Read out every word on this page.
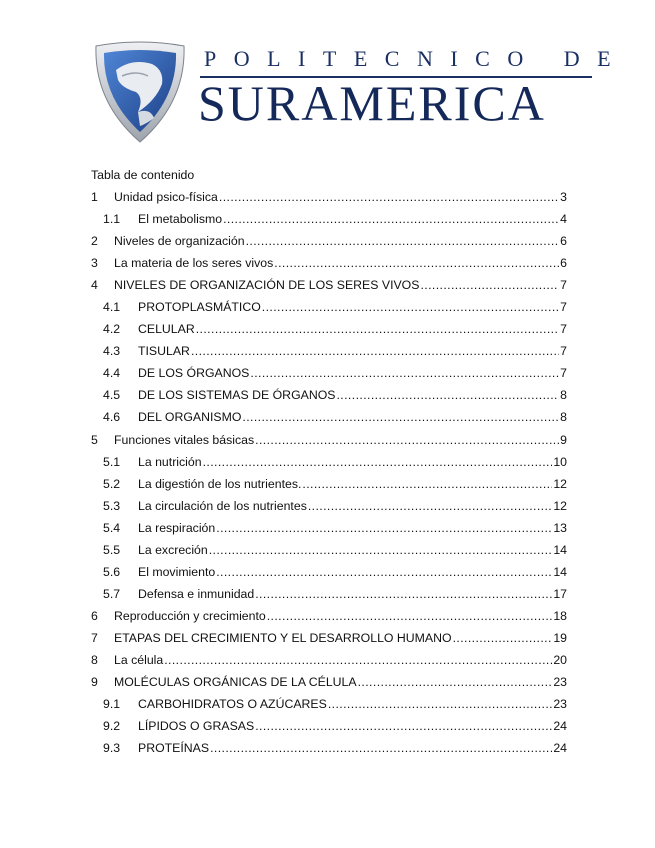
POLITECNICO DE
SURAMERICA
Tabla de contenido
1	Unidad psico-física .....	3
1.1	El metabolismo .....	4
2	Niveles de organización .....	6
3	La materia de los seres vivos .....	6
4	NIVELES DE ORGANIZACIÓN DE LOS SERES VIVOS .....	7
4.1	PROTOPLASMÁTICO .....	7
4.2	CELULAR .....	7
4.3	TISULAR .....	7
4.4	DE LOS ÓRGANOS .....	7
4.5	DE LOS SISTEMAS DE ÓRGANOS .....	8
4.6	DEL ORGANISMO .....	8
5	Funciones vitales básicas .....	9
5.1	La nutrición .....	10
5.2	La digestión de los nutrientes. .....	12
5.3	La circulación de los nutrientes .....	12
5.4	La respiración .....	13
5.5	La excreción .....	14
5.6	El movimiento .....	14
5.7	Defensa e inmunidad .....	17
6	Reproducción y crecimiento .....	18
7	ETAPAS DEL CRECIMIENTO Y EL DESARROLLO HUMANO .....	19
8	La célula .....	20
9	MOLÉCULAS ORGÁNICAS DE LA CÉLULA .....	23
9.1	CARBOHIDRATOS O AZÚCARES .....	23
9.2	LÍPIDOS O GRASAS .....	24
9.3	PROTEÍNAS .....	24
